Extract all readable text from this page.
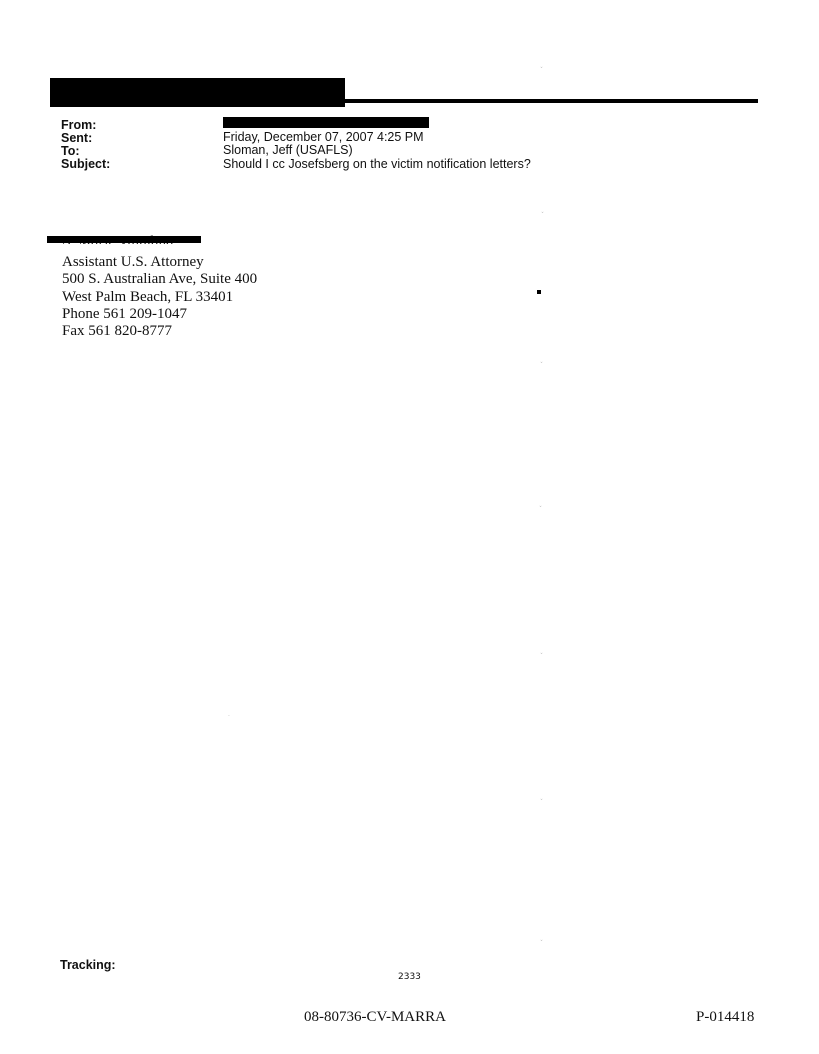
From:
Sent:	Friday, December 07, 2007 4:25 PM
To:	Sloman, Jeff (USAFLS)
Subject:	Should I cc Josefsberg on the victim notification letters?
Assistant U.S. Attorney
500 S. Australian Ave, Suite 400
West Palm Beach, FL 33401
Phone 561 209-1047
Fax 561 820-8777
ˇ
ˇ
ˇ
ˇ
ˇ
ˇ
ˇ
·
Tracking:
2333
08-80736-CV-MARRA	P-014418
